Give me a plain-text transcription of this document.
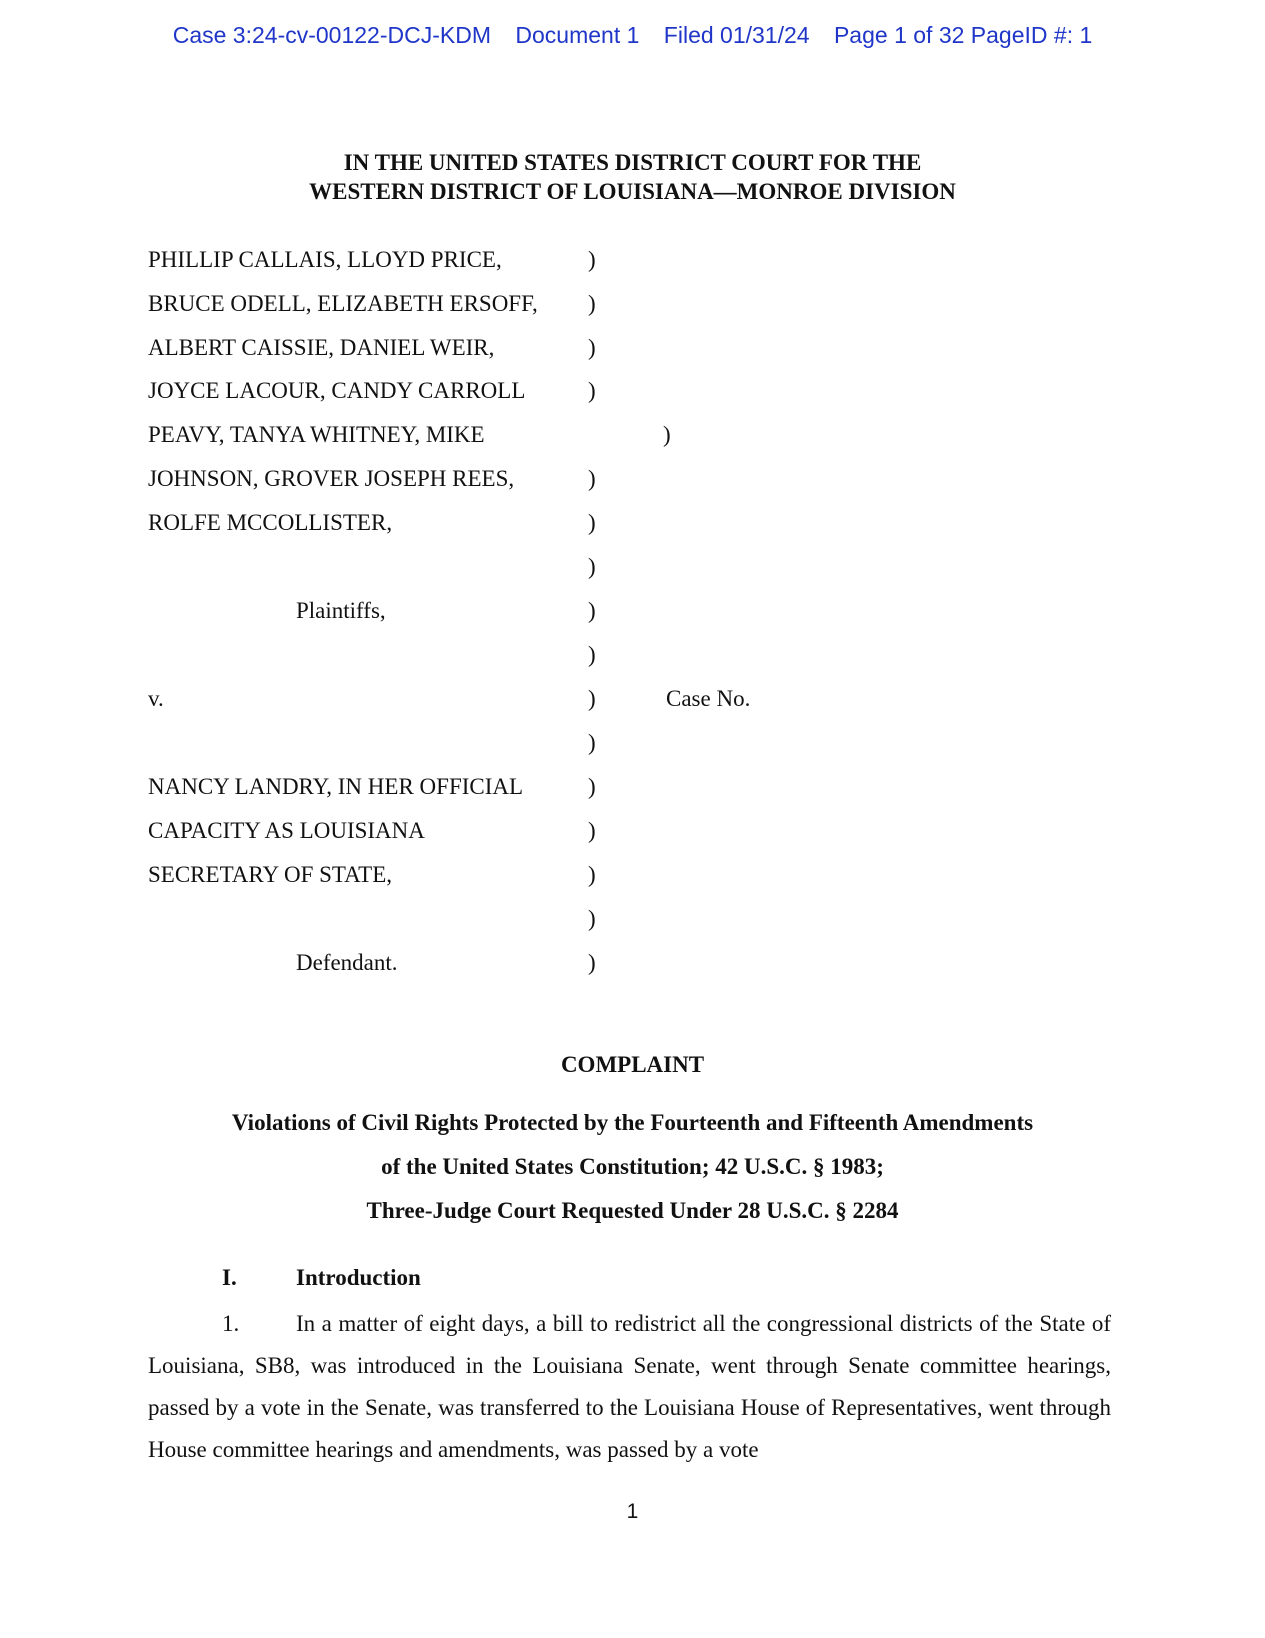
Case 3:24-cv-00122-DCJ-KDM Document 1 Filed 01/31/24 Page 1 of 32 PageID #: 1
IN THE UNITED STATES DISTRICT COURT FOR THE
WESTERN DISTRICT OF LOUISIANA—MONROE DIVISION
PHILLIP CALLAIS, LLOYD PRICE,	)
BRUCE ODELL, ELIZABETH ERSOFF, )
ALBERT CAISSIE, DANIEL WEIR,	)
JOYCE LACOUR, CANDY CARROLL	)
PEAVY, TANYA WHITNEY, MIKE	)
JOHNSON, GROVER JOSEPH REES,	)
ROLFE MCCOLLISTER,	)
)
Plaintiffs,	)
)
v.	)	Case No.
)
NANCY LANDRY, IN HER OFFICIAL	)
CAPACITY AS LOUISIANA	)
SECRETARY OF STATE,	)
)
Defendant.	)
COMPLAINT
Violations of Civil Rights Protected by the Fourteenth and Fifteenth Amendments
of the United States Constitution; 42 U.S.C. § 1983;
Three-Judge Court Requested Under 28 U.S.C. § 2284
I.	Introduction
1. In a matter of eight days, a bill to redistrict all the congressional districts of the State of Louisiana, SB8, was introduced in the Louisiana Senate, went through Senate committee hearings, passed by a vote in the Senate, was transferred to the Louisiana House of Representatives, went through House committee hearings and amendments, was passed by a vote
1
